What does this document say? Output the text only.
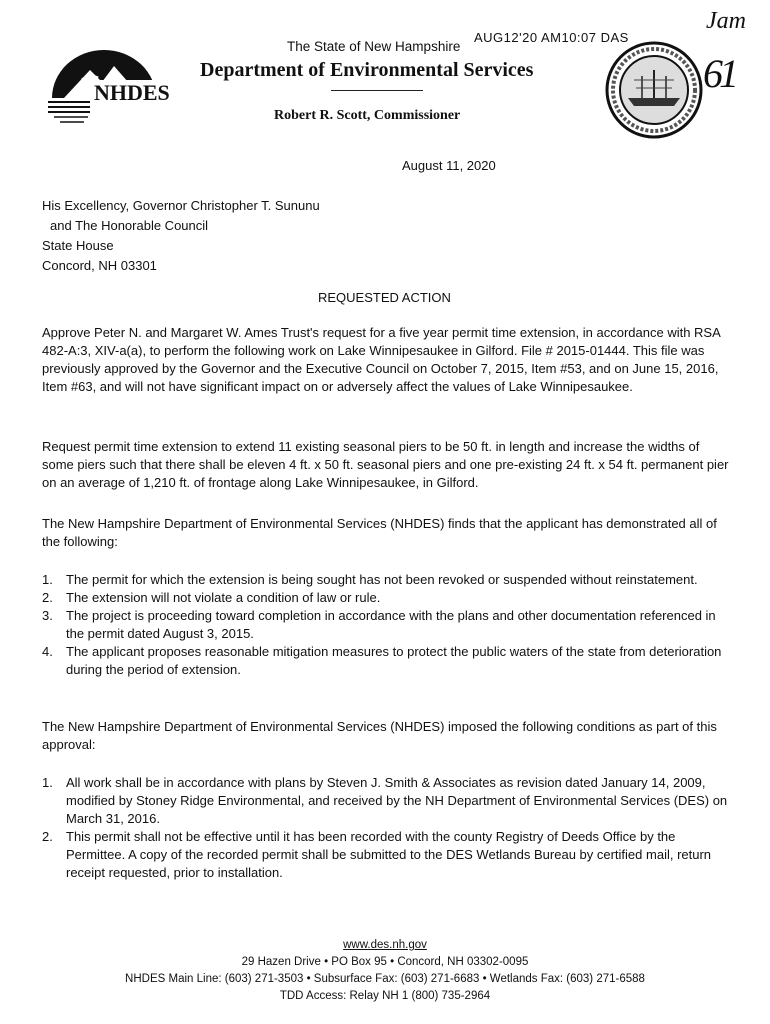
NHDES
The State of New Hampshire
Department of Environmental Services
Robert R. Scott, Commissioner
AUG12'20 AM10:07 DAS
Jam
61
August 11, 2020
His Excellency, Governor Christopher T. Sununu
and The Honorable Council
State House
Concord, NH 03301
REQUESTED ACTION
Approve Peter N. and Margaret W. Ames Trust's request for a five year permit time extension, in accordance with RSA 482-A:3, XIV-a(a), to perform the following work on Lake Winnipesaukee in Gilford. File # 2015-01444. This file was previously approved by the Governor and the Executive Council on October 7, 2015, Item #53, and on June 15, 2016, Item #63, and will not have significant impact on or adversely affect the values of Lake Winnipesaukee.
Request permit time extension to extend 11 existing seasonal piers to be 50 ft. in length and increase the widths of some piers such that there shall be eleven 4 ft. x 50 ft. seasonal piers and one pre-existing 24 ft. x 54 ft. permanent pier on an average of 1,210 ft. of frontage along Lake Winnipesaukee, in Gilford.
The New Hampshire Department of Environmental Services (NHDES) finds that the applicant has demonstrated all of the following:
1. The permit for which the extension is being sought has not been revoked or suspended without reinstatement.
2. The extension will not violate a condition of law or rule.
3. The project is proceeding toward completion in accordance with the plans and other documentation referenced in the permit dated August 3, 2015.
4. The applicant proposes reasonable mitigation measures to protect the public waters of the state from deterioration during the period of extension.
The New Hampshire Department of Environmental Services (NHDES) imposed the following conditions as part of this approval:
1. All work shall be in accordance with plans by Steven J. Smith & Associates as revision dated January 14, 2009, modified by Stoney Ridge Environmental, and received by the NH Department of Environmental Services (DES) on March 31, 2016.
2. This permit shall not be effective until it has been recorded with the county Registry of Deeds Office by the Permittee. A copy of the recorded permit shall be submitted to the DES Wetlands Bureau by certified mail, return receipt requested, prior to installation.
www.des.nh.gov
29 Hazen Drive • PO Box 95 • Concord, NH 03302-0095
NHDES Main Line: (603) 271-3503 • Subsurface Fax: (603) 271-6683 • Wetlands Fax: (603) 271-6588
TDD Access: Relay NH 1 (800) 735-2964
